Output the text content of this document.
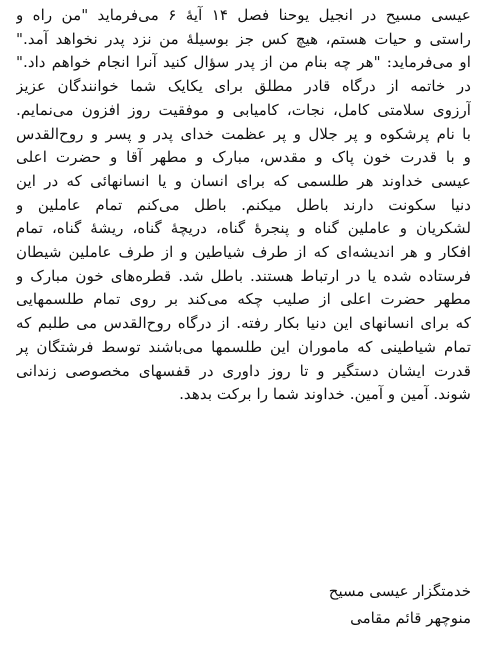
عیسی مسیح در انجیل یوحنا فصل ۱۴ آیهٔ ۶ می‌فرماید "من راه و
راستی و حیات هستم، هیچ کس جز بوسیلهٔ من نزد پدر نخواهد آمد."
او می‌فرماید: "هر چه بنام من از پدر سؤال کنید آنرا انجام خواهم داد."
در خاتمه از درگاه قادر مطلق برای یکایک شما خوانندگان عزیز
آرزوی سلامتی کامل، نجات، کامیابی و موفقیت روز افزون می‌نمایم.
با نام پرشکوه و پر جلال و پر عظمت خدای پدر و پسر و روح‌القدس
و با قدرت خون پاک و مقدس، مبارک و مطهر آقا و حضرت اعلی
عیسی خداوند هر طلسمی که برای انسان و یا انسانهائی که در این
دنیا سکونت دارند باطل میکنم. باطل می‌کنم تمام عاملین و
لشکریان و عاملین گناه و پنجرهٔ گناه، دریچهٔ گناه، ریشهٔ گناه، تمام
افکار و هر اندیشه‌ای که از طرف شیاطین و از طرف عاملین شیطان
فرستاده شده یا در ارتباط هستند. باطل شد. قطره‌های خون مبارک و
مطهر حضرت اعلی از صلیب چکه می‌کند بر روی تمام طلسمهایی
که برای انسانهای این دنیا بکار رفته. از درگاه روح‌القدس می طلبم که
تمام شیاطینی که ماموران این طلسمها می‌باشند توسط فرشتگان پر
قدرت ایشان دستگیر و تا روز داوری در قفسهای مخصوصی زندانی
شوند. آمین و آمین. خداوند شما را برکت بدهد.
خدمتگزار عیسی مسیح
منوچهر قائم مقامی
